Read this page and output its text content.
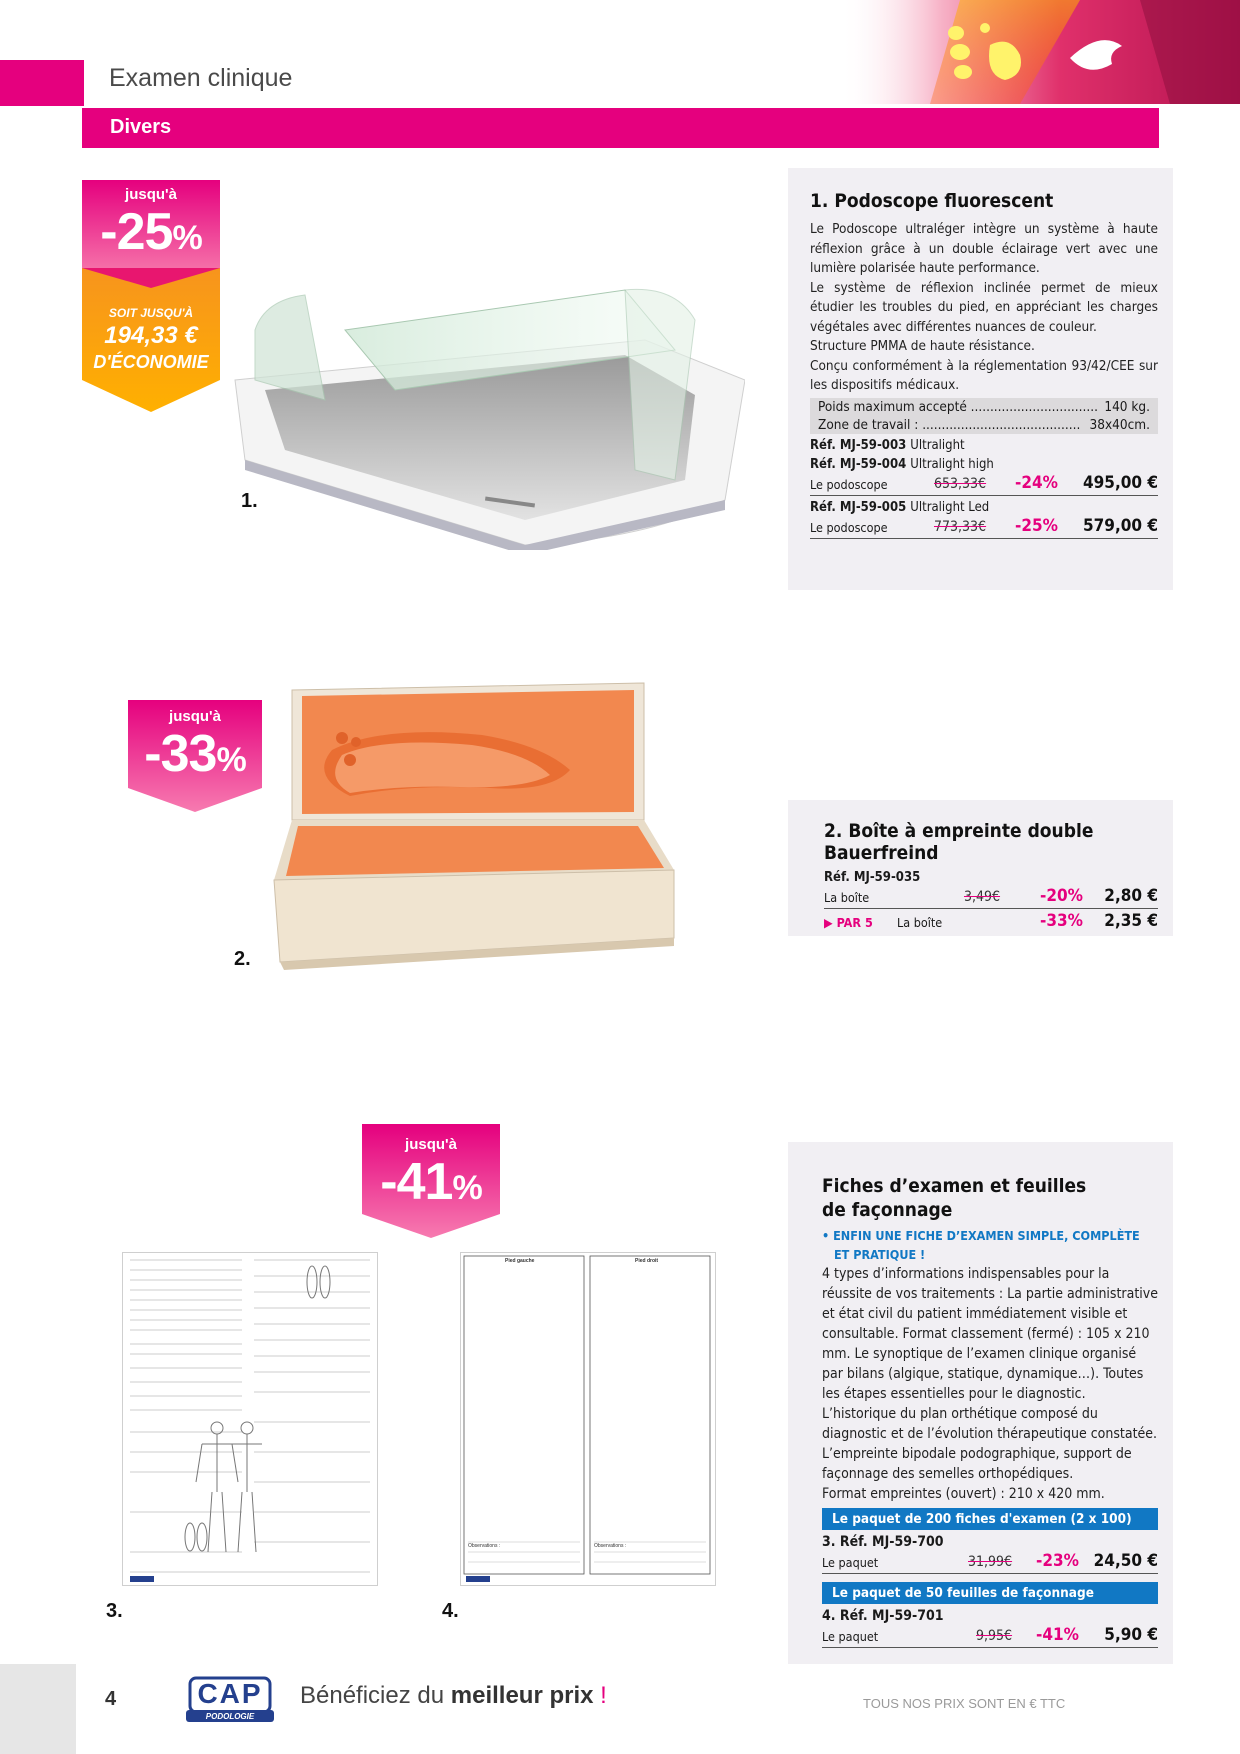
Examen clinique
Divers
jusqu'à
-25%
SOIT JUSQU'À
194,33 €
D'ÉCONOMIE
1.
1. Podoscope fluorescent
Le Podoscope ultraléger intègre un système à haute réflexion grâce à un double éclairage vert avec une lumière polarisée haute performance.
Le système de réflexion inclinée permet de mieux étudier les troubles du pied, en appréciant les charges végétales avec différentes nuances de couleur.
Structure PMMA de haute résistance.
Conçu conformément à la réglementation 93/42/CEE sur les dispositifs médicaux.
Poids maximum accepté ................................. 140 kg.
Zone de travail : ......................................... 38x40cm.
Réf. MJ-59-003 Ultralight
Réf. MJ-59-004 Ultralight high
Le podoscope	653,33€ -24% 495,00 €
Réf. MJ-59-005 Ultralight Led
Le podoscope	773,33€ -25% 579,00 €
jusqu'à
-33%
2.
2. Boîte à empreinte double Bauerfreind
Réf. MJ-59-035
La boîte	3,49€ -20% 2,80 €
▶ PAR 5 La boîte	-33% 2,35 €
jusqu'à
-41%
3.
Pied gauche	Pied droit
Observations :	Observations :
4.
Fiches d’examen et feuilles de façonnage
• ENFIN UNE FICHE D’EXAMEN SIMPLE, COMPLÈTE ET PRATIQUE !
4 types d’informations indispensables pour la réussite de vos traitements : La partie administrative et état civil du patient immédiatement visible et consultable. Format classement (fermé) : 105 x 210 mm. Le synoptique de l’examen clinique organisé par bilans (algique, statique, dynamique…). Toutes les étapes essentielles pour le diagnostic. L’historique du plan orthétique composé du diagnostic et de l’évolution thérapeutique constatée. L’empreinte bipodale podographique, support de façonnage des semelles orthopédiques.
Format empreintes (ouvert) : 210 x 420 mm.
Le paquet de 200 fiches d'examen (2 x 100)
3. Réf. MJ-59-700
Le paquet	31,99€ -23% 24,50 €
Le paquet de 50 feuilles de façonnage
4. Réf. MJ-59-701
Le paquet	9,95€ -41% 5,90 €
4	CAP
PODOLOGIE
Bénéficiez du meilleur prix !	TOUS NOS PRIX SONT EN € TTC
